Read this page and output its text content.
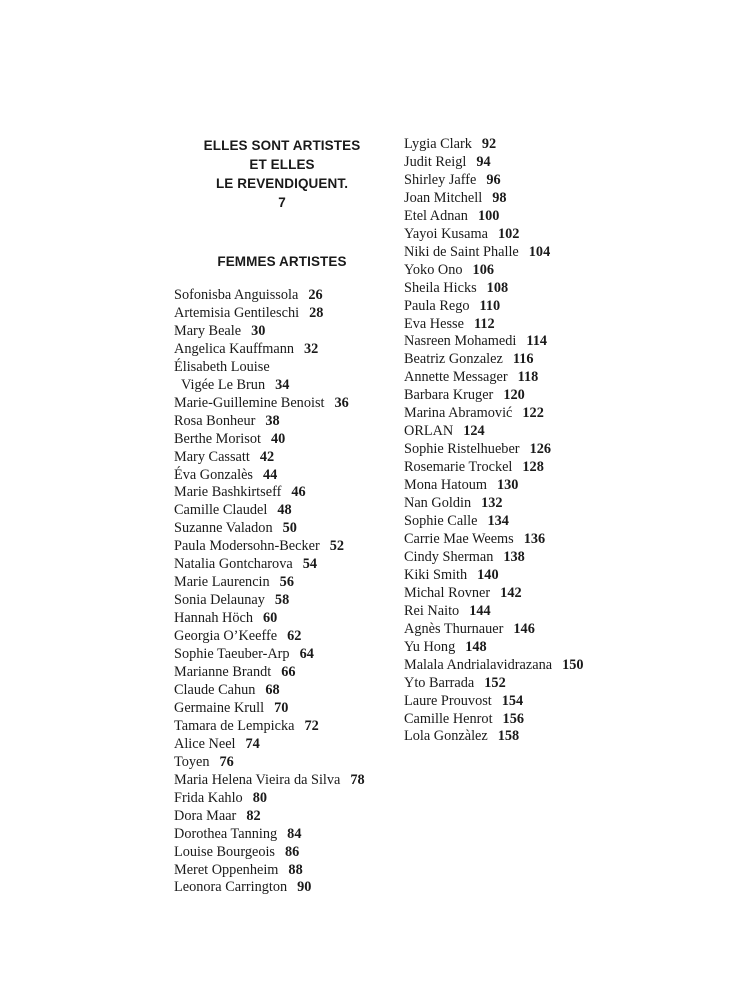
ELLES SONT ARTISTES
ET ELLES
LE REVENDIQUENT.
7
FEMMES ARTISTES
Sofonisba Anguissola 26
Artemisia Gentileschi 28
Mary Beale 30
Angelica Kauffmann 32
Élisabeth Louise
Vigée Le Brun 34
Marie-Guillemine Benoist 36
Rosa Bonheur 38
Berthe Morisot 40
Mary Cassatt 42
Éva Gonzalès 44
Marie Bashkirtseff 46
Camille Claudel 48
Suzanne Valadon 50
Paula Modersohn-Becker 52
Natalia Gontcharova 54
Marie Laurencin 56
Sonia Delaunay 58
Hannah Höch 60
Georgia O’Keeffe 62
Sophie Taeuber-Arp 64
Marianne Brandt 66
Claude Cahun 68
Germaine Krull 70
Tamara de Lempicka 72
Alice Neel 74
Toyen 76
Maria Helena Vieira da Silva 78
Frida Kahlo 80
Dora Maar 82
Dorothea Tanning 84
Louise Bourgeois 86
Meret Oppenheim 88
Leonora Carrington 90
Lygia Clark 92
Judit Reigl 94
Shirley Jaffe 96
Joan Mitchell 98
Etel Adnan 100
Yayoi Kusama 102
Niki de Saint Phalle 104
Yoko Ono 106
Sheila Hicks 108
Paula Rego 110
Eva Hesse 112
Nasreen Mohamedi 114
Beatriz Gonzalez 116
Annette Messager 118
Barbara Kruger 120
Marina Abramović 122
ORLAN 124
Sophie Ristelhueber 126
Rosemarie Trockel 128
Mona Hatoum 130
Nan Goldin 132
Sophie Calle 134
Carrie Mae Weems 136
Cindy Sherman 138
Kiki Smith 140
Michal Rovner 142
Rei Naito 144
Agnès Thurnauer 146
Yu Hong 148
Malala Andrialavidrazana 150
Yto Barrada 152
Laure Prouvost 154
Camille Henrot 156
Lola Gonzàlez 158
